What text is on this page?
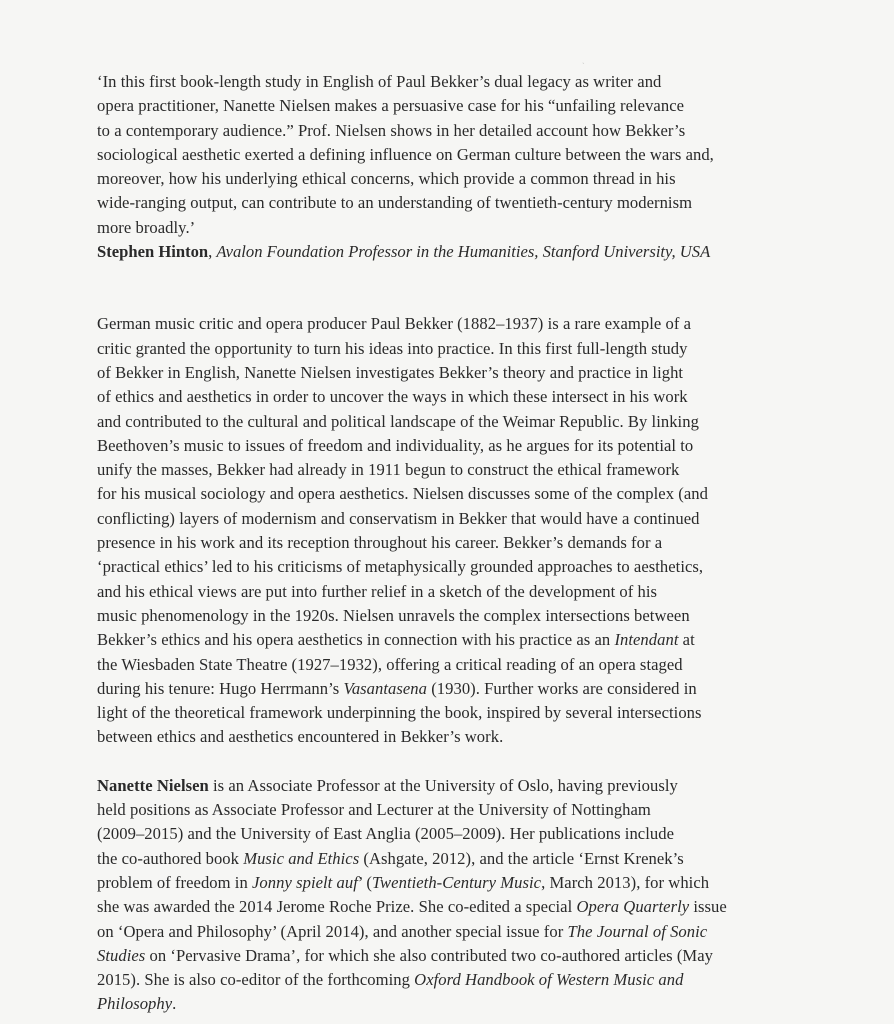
ˎ
‘In this first book-length study in English of Paul Bekker’s dual legacy as writer and
opera practitioner, Nanette Nielsen makes a persuasive case for his “unfailing relevance
to a contemporary audience.” Prof. Nielsen shows in her detailed account how Bekker’s
sociological aesthetic exerted a defining influence on German culture between the wars and,
moreover, how his underlying ethical concerns, which provide a common thread in his
wide-ranging output, can contribute to an understanding of twentieth-century modernism
more broadly.’
Stephen Hinton, Avalon Foundation Professor in the Humanities, Stanford University, USA
German music critic and opera producer Paul Bekker (1882–1937) is a rare example of a
critic granted the opportunity to turn his ideas into practice. In this first full-length study
of Bekker in English, Nanette Nielsen investigates Bekker’s theory and practice in light
of ethics and aesthetics in order to uncover the ways in which these intersect in his work
and contributed to the cultural and political landscape of the Weimar Republic. By linking
Beethoven’s music to issues of freedom and individuality, as he argues for its potential to
unify the masses, Bekker had already in 1911 begun to construct the ethical framework
for his musical sociology and opera aesthetics. Nielsen discusses some of the complex (and
conflicting) layers of modernism and conservatism in Bekker that would have a continued
presence in his work and its reception throughout his career. Bekker’s demands for a
‘practical ethics’ led to his criticisms of metaphysically grounded approaches to aesthetics,
and his ethical views are put into further relief in a sketch of the development of his
music phenomenology in the 1920s. Nielsen unravels the complex intersections between
Bekker’s ethics and his opera aesthetics in connection with his practice as an Intendant at
the Wiesbaden State Theatre (1927–1932), offering a critical reading of an opera staged
during his tenure: Hugo Herrmann’s Vasantasena (1930). Further works are considered in
light of the theoretical framework underpinning the book, inspired by several intersections
between ethics and aesthetics encountered in Bekker’s work.
Nanette Nielsen is an Associate Professor at the University of Oslo, having previously
held positions as Associate Professor and Lecturer at the University of Nottingham
(2009–2015) and the University of East Anglia (2005–2009). Her publications include
the co-authored book Music and Ethics (Ashgate, 2012), and the article ‘Ernst Krenek’s
problem of freedom in Jonny spielt auf’ (Twentieth-Century Music, March 2013), for which
she was awarded the 2014 Jerome Roche Prize. She co-edited a special Opera Quarterly issue
on ‘Opera and Philosophy’ (April 2014), and another special issue for The Journal of Sonic
Studies on ‘Pervasive Drama’, for which she also contributed two co-authored articles (May
2015). She is also co-editor of the forthcoming Oxford Handbook of Western Music and
Philosophy.
